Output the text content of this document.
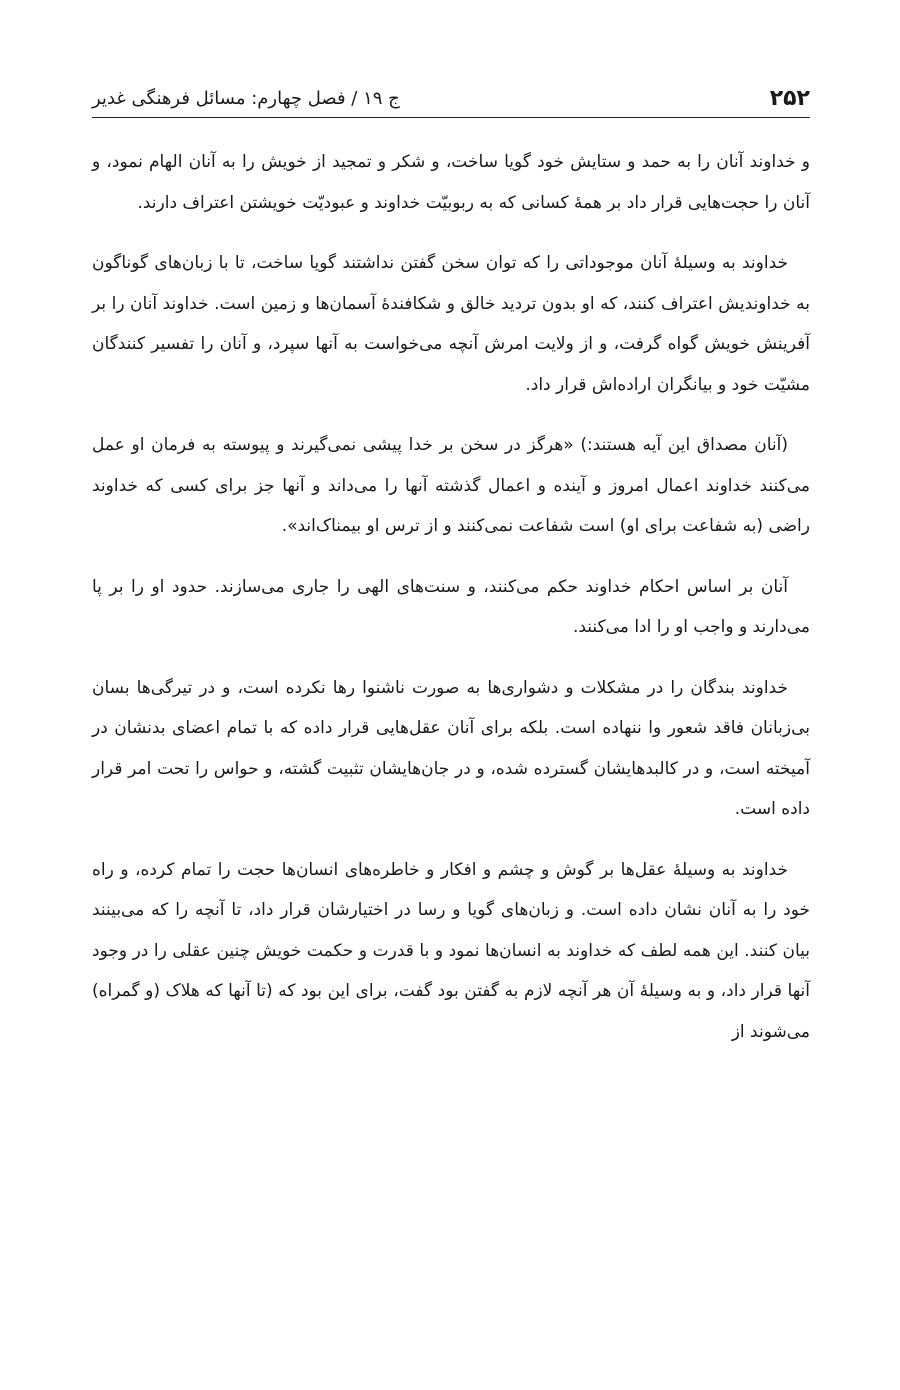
۲۵۲
ج ۱۹ / فصل چهارم: مسائل فرهنگی غدیر

و خداوند آنان را به حمد و ستایش خود گویا ساخت، و شکر و تمجید از خویش را به آنان الهام نمود، و آنان را حجت‌هایی قرار داد بر همهٔ کسانی که به ربوبیّت خداوند و عبودیّت خویشتن اعتراف دارند.

خداوند به وسیلهٔ آنان موجوداتی را که توان سخن گفتن نداشتند گویا ساخت، تا با زبان‌های گوناگون به خداوندیش اعتراف کنند، که او بدون تردید خالق و شکافندهٔ آسمان‌ها و زمین است. خداوند آنان را بر آفرینش خویش گواه گرفت، و از ولایت امرش آنچه می‌خواست به آنها سپرد، و آنان را تفسیر کنندگان مشیّت خود و بیانگران اراده‌اش قرار داد.

(آنان مصداق این آیه هستند:) «هرگز در سخن بر خدا پیشی نمی‌گیرند و پیوسته به فرمان او عمل می‌کنند خداوند اعمال امروز و آینده و اعمال گذشته آنها را می‌داند و آنها جز برای کسی که خداوند راضی (به شفاعت برای او) است شفاعت نمی‌کنند و از ترس او بیمناک‌اند».

آنان بر اساس احکام خداوند حکم می‌کنند، و سنت‌های الهی را جاری می‌سازند. حدود او را بر پا می‌دارند و واجب او را ادا می‌کنند.

خداوند بندگان را در مشکلات و دشواری‌ها به صورت ناشنوا رها نکرده است، و در تیرگی‌ها بسان بی‌زبانان فاقد شعور وا ننهاده است. بلکه برای آنان عقل‌هایی قرار داده که با تمام اعضای بدنشان در آمیخته است، و در کالبدهایشان گسترده شده، و در جان‌هایشان تثبیت گشته، و حواس را تحت امر قرار داده است.

خداوند به وسیلهٔ عقل‌ها بر گوش و چشم و افکار و خاطره‌های انسان‌ها حجت را تمام کرده، و راه خود را به آنان نشان داده است. و زبان‌های گویا و رسا در اختیارشان قرار داد، تا آنچه را که می‌بینند بیان کنند. این همه لطف که خداوند به انسان‌ها نمود و با قدرت و حکمت خویش چنین عقلی را در وجود آنها قرار داد، و به وسیلهٔ آن هر آنچه لازم به گفتن بود گفت، برای این بود که (تا آنها که هلاک (و گمراه) می‌شوند از
